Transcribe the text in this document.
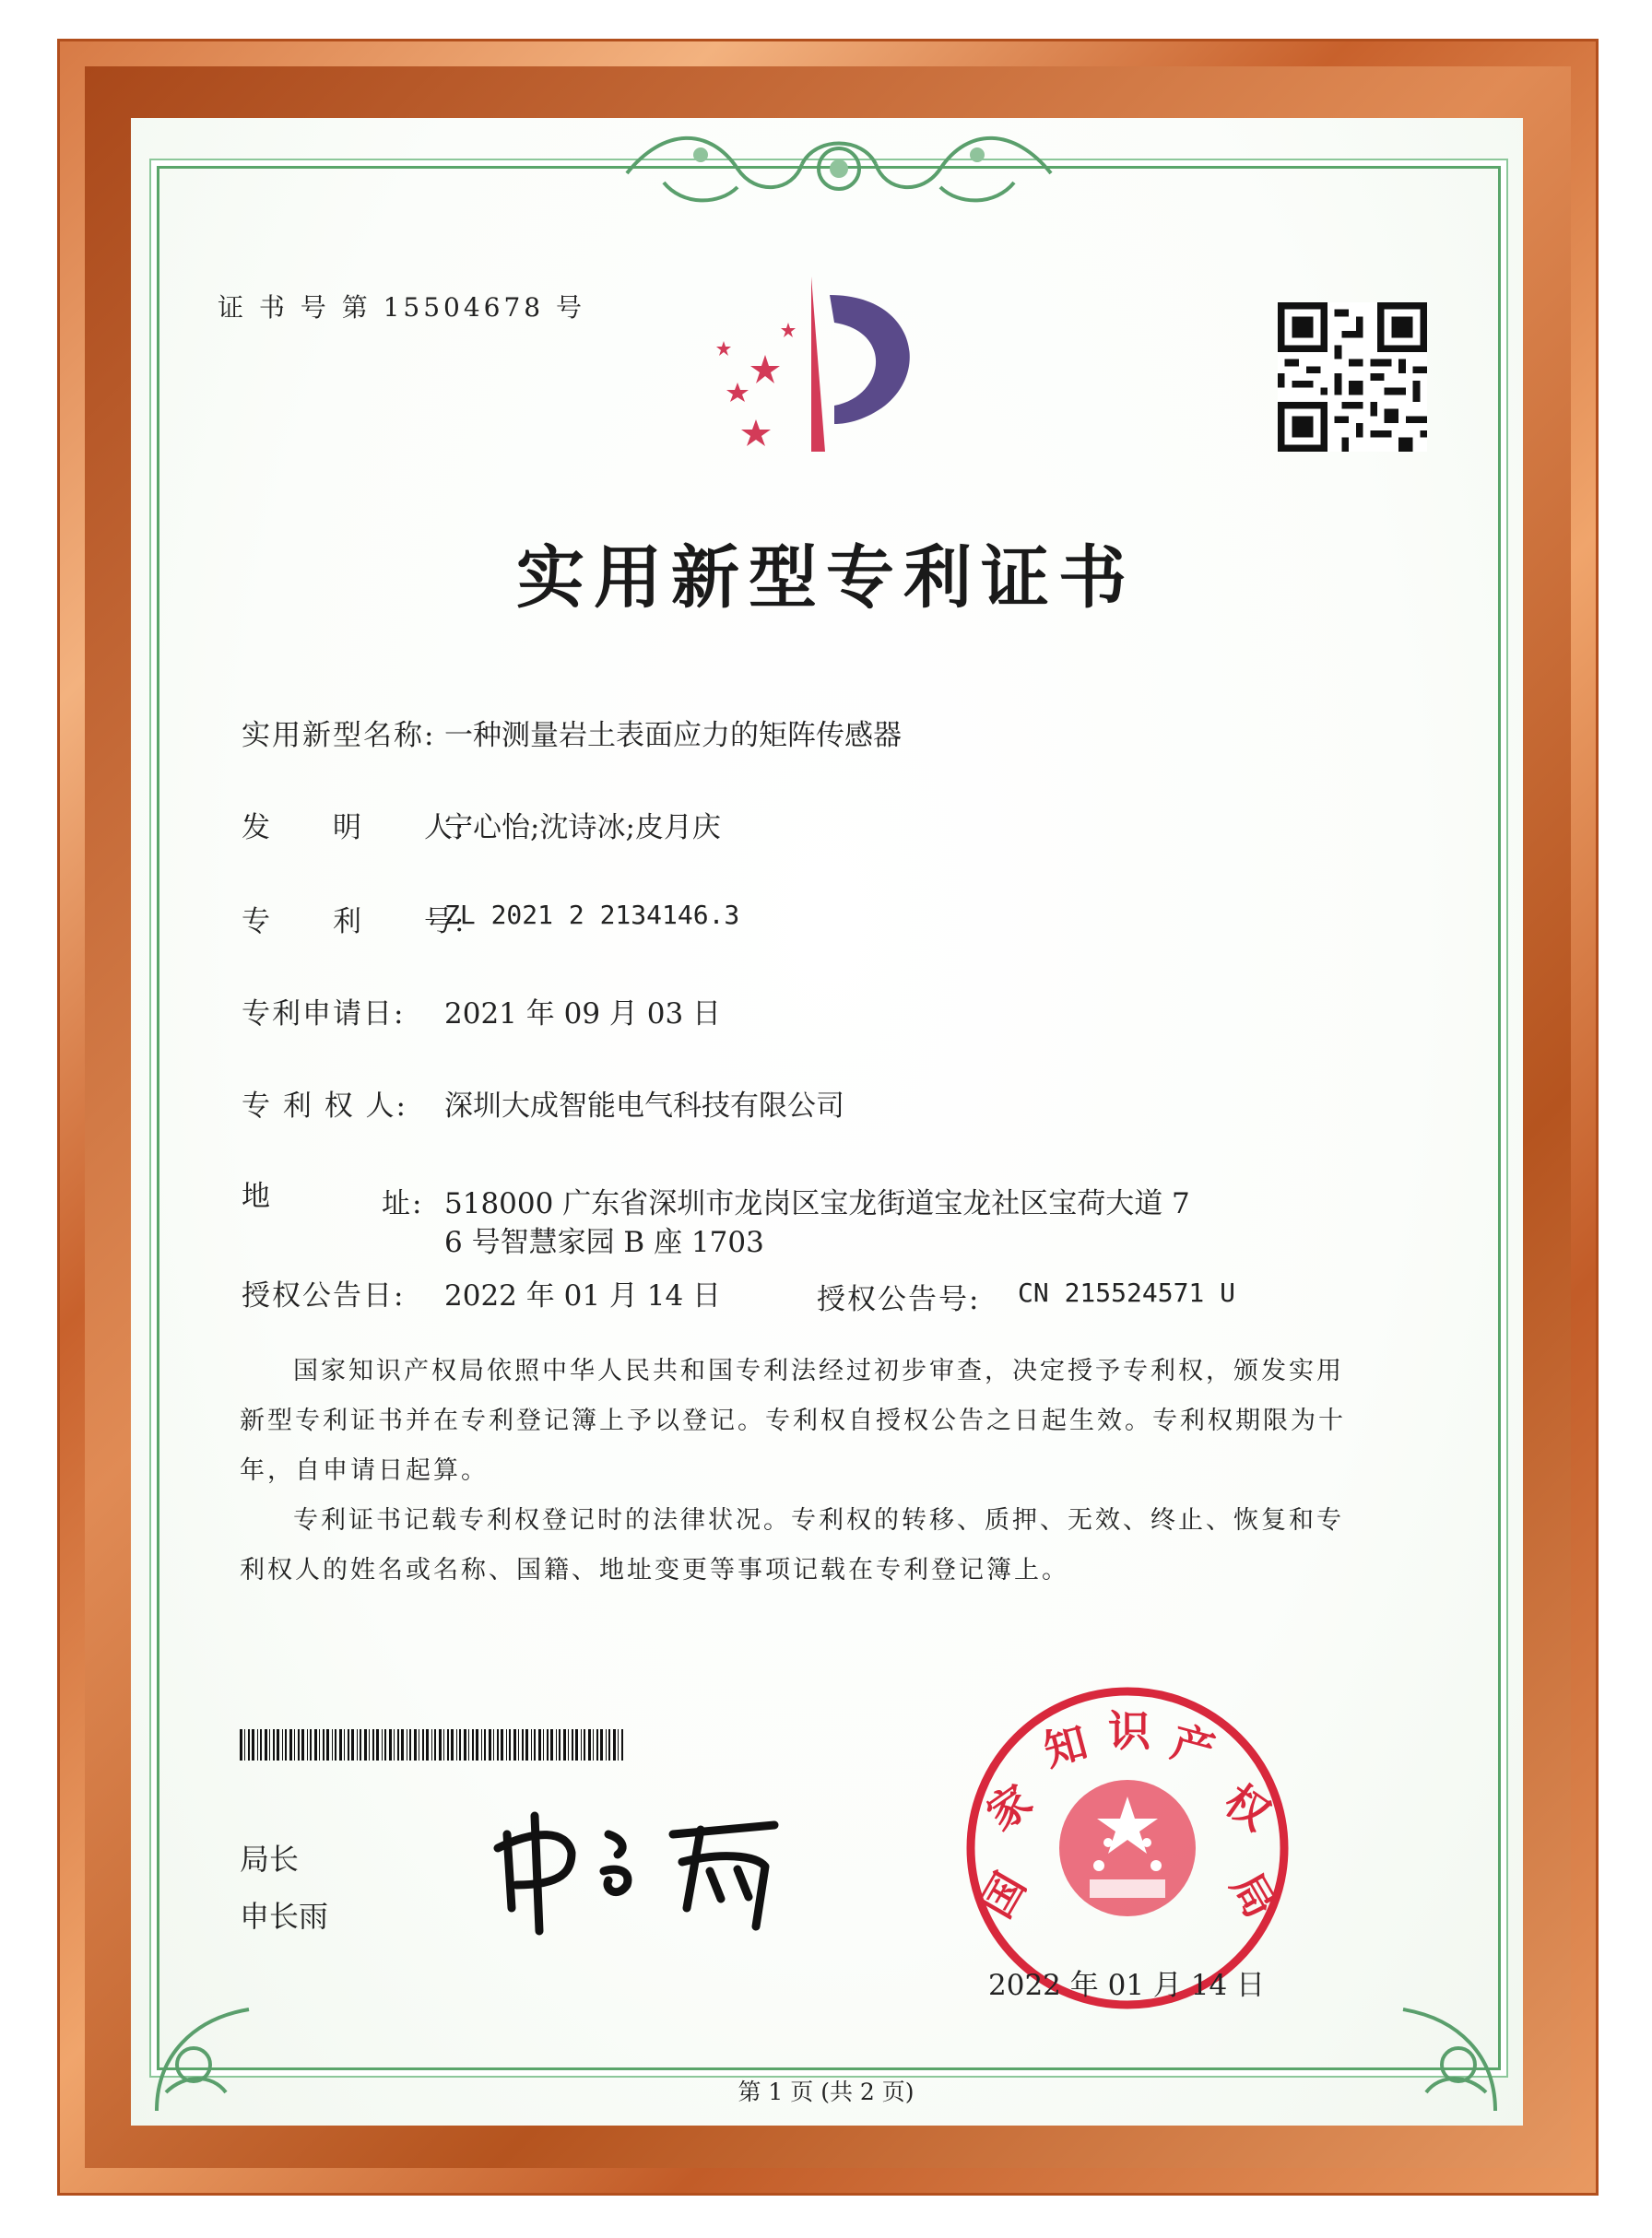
证 书 号 第 15504678 号
实用新型专利证书
实用新型名称: 一种测量岩土表面应力的矩阵传感器
发　　明　　人:
宁心怡;沈诗冰;皮月庆
专　　利　　号:
ZL 2021 2 2134146.3
专利申请日: 2021 年 09 月 03 日
专 利 权 人: 深圳大成智能电气科技有限公司
地	址: 518000 广东省深圳市龙岗区宝龙街道宝龙社区宝荷大道 7
6 号智慧家园 B 座 1703
授权公告日: 2022 年 01 月 14 日	授权公告号: CN 215524571 U
国家知识产权局依照中华人民共和国专利法经过初步审查，决定授予专利权，颁发实用
新型专利证书并在专利登记簿上予以登记。专利权自授权公告之日起生效。专利权期限为十
年，自申请日起算。
专利证书记载专利权登记时的法律状况。专利权的转移、质押、无效、终止、恢复和专
利权人的姓名或名称、国籍、地址变更等事项记载在专利登记簿上。
局长
申长雨	国
家
知 识 产
权
局
2022 年 01 月 14 日
第 1 页 (共 2 页)
